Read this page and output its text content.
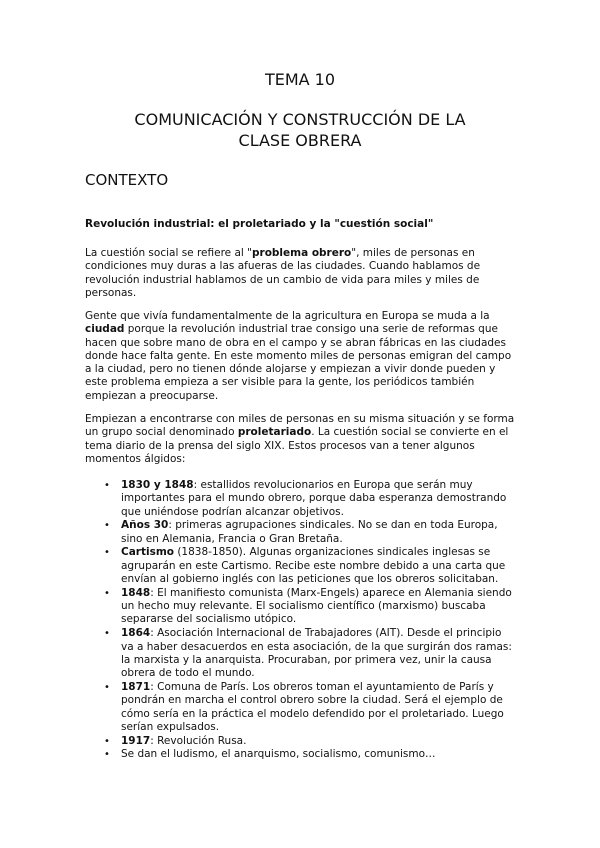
TEMA 10
COMUNICACIÓN Y CONSTRUCCIÓN DE LA
CLASE OBRERA
CONTEXTO
Revolución industrial: el proletariado y la "cuestión social"

La cuestión social se refiere al "problema obrero", miles de personas en condiciones muy duras a las afueras de las ciudades. Cuando hablamos de revolución industrial hablamos de un cambio de vida para miles y miles de personas.

Gente que vivía fundamentalmente de la agricultura en Europa se muda a la ciudad porque la revolución industrial trae consigo una serie de reformas que hacen que sobre mano de obra en el campo y se abran fábricas en las ciudades donde hace falta gente. En este momento miles de personas emigran del campo a la ciudad, pero no tienen dónde alojarse y empiezan a vivir donde pueden y este problema empieza a ser visible para la gente, los periódicos también empiezan a preocuparse.

Empiezan a encontrarse con miles de personas en su misma situación y se forma un grupo social denominado proletariado. La cuestión social se convierte en el tema diario de la prensa del siglo XIX. Estos procesos van a tener algunos momentos álgidos:

• 1830 y 1848: estallidos revolucionarios en Europa que serán muy importantes para el mundo obrero, porque daba esperanza demostrando que uniéndose podrían alcanzar objetivos.
• Años 30: primeras agrupaciones sindicales. No se dan en toda Europa, sino en Alemania, Francia o Gran Bretaña.
• Cartismo (1838-1850). Algunas organizaciones sindicales inglesas se agruparán en este Cartismo. Recibe este nombre debido a una carta que envían al gobierno inglés con las peticiones que los obreros solicitaban.
• 1848: El manifiesto comunista (Marx-Engels) aparece en Alemania siendo un hecho muy relevante. El socialismo científico (marxismo) buscaba separarse del socialismo utópico.
• 1864: Asociación Internacional de Trabajadores (AIT). Desde el principio va a haber desacuerdos en esta asociación, de la que surgirán dos ramas: la marxista y la anarquista. Procuraban, por primera vez, unir la causa obrera de todo el mundo.
• 1871: Comuna de París. Los obreros toman el ayuntamiento de París y pondrán en marcha el control obrero sobre la ciudad. Será el ejemplo de cómo sería en la práctica el modelo defendido por el proletariado. Luego serían expulsados.
• 1917: Revolución Rusa.
• Se dan el ludismo, el anarquismo, socialismo, comunismo…
